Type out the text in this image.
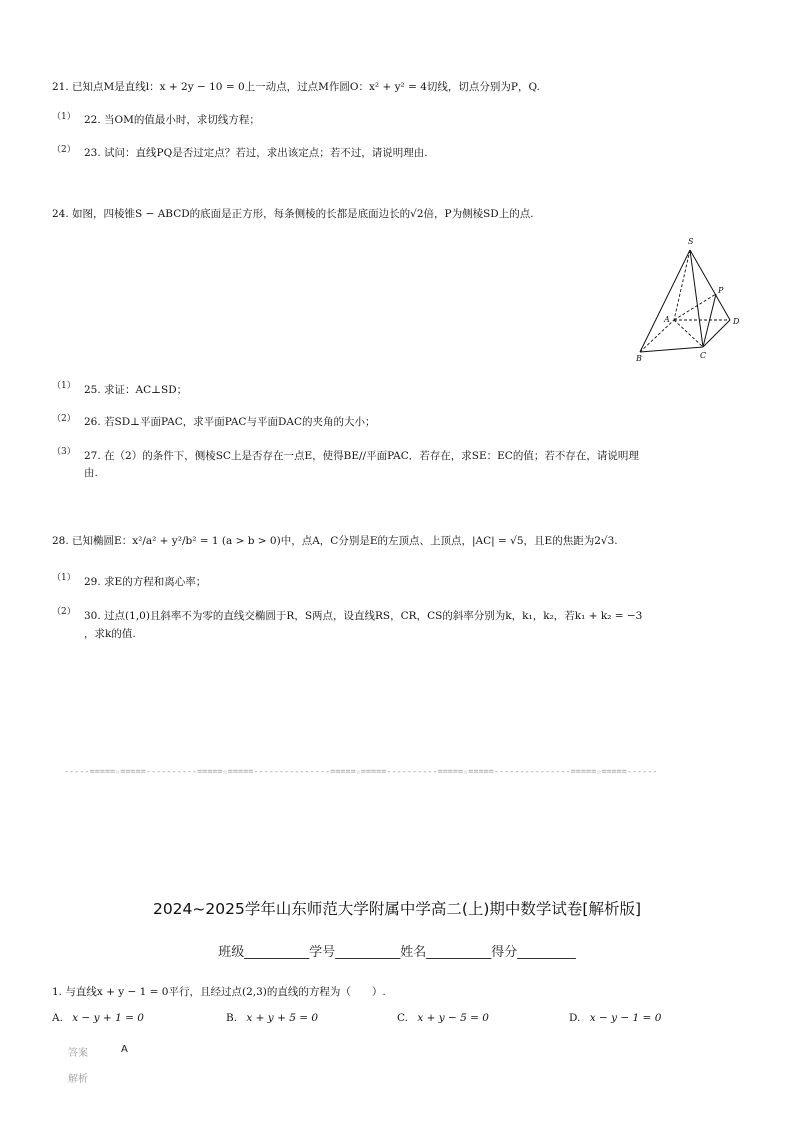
21. 已知点M是直线l：x + 2y − 10 = 0上一动点，过点M作圆O：x² + y² = 4切线，切点分别为P，Q.
（1） 22. 当OM的值最小时，求切线方程；
（2） 23. 试问：直线PQ是否过定点？若过，求出该定点；若不过，请说明理由.
24. 如图，四棱锥S − ABCD的底面是正方形，每条侧棱的长都是底面边长的√2倍，P为侧棱SD上的点.
S
P
A	D
B	C
（1） 25. 求证：AC⊥SD；
（2） 26. 若SD⊥平面PAC，求平面PAC与平面DAC的夹角的大小；
（3） 27. 在（2）的条件下，侧棱SC上是否存在一点E，使得BE//平面PAC．若存在，求SE：EC的值；若不存在，请说明理
由.
28. 已知椭圆E：x²/a² + y²/b² = 1 (a > b > 0)中，点A，C分别是E的左顶点、上顶点，|AC| = √5，且E的焦距为2√3.
（1） 29. 求E的方程和离心率；
（2） 30. 过点(1,0)且斜率不为零的直线交椭圆于R，S两点，设直线RS，CR，CS的斜率分别为k，k₁，k₂，若k₁ + k₂ = −3
，求k的值.
-----=====☆=====----------=====☆=====---------------=====☆=====----------=====☆=====---------------=====☆=====------
2024~2025学年山东师范大学附属中学高二(上)期中数学试卷[解析版]
班级__________学号__________姓名__________得分_________
1. 与直线x + y − 1 = 0平行，且经过点(2,3)的直线的方程为（　　）.
A. x − y + 1 = 0	B. x + y + 5 = 0	C. x + y − 5 = 0	D. x − y − 1 = 0
答案	A
解析
